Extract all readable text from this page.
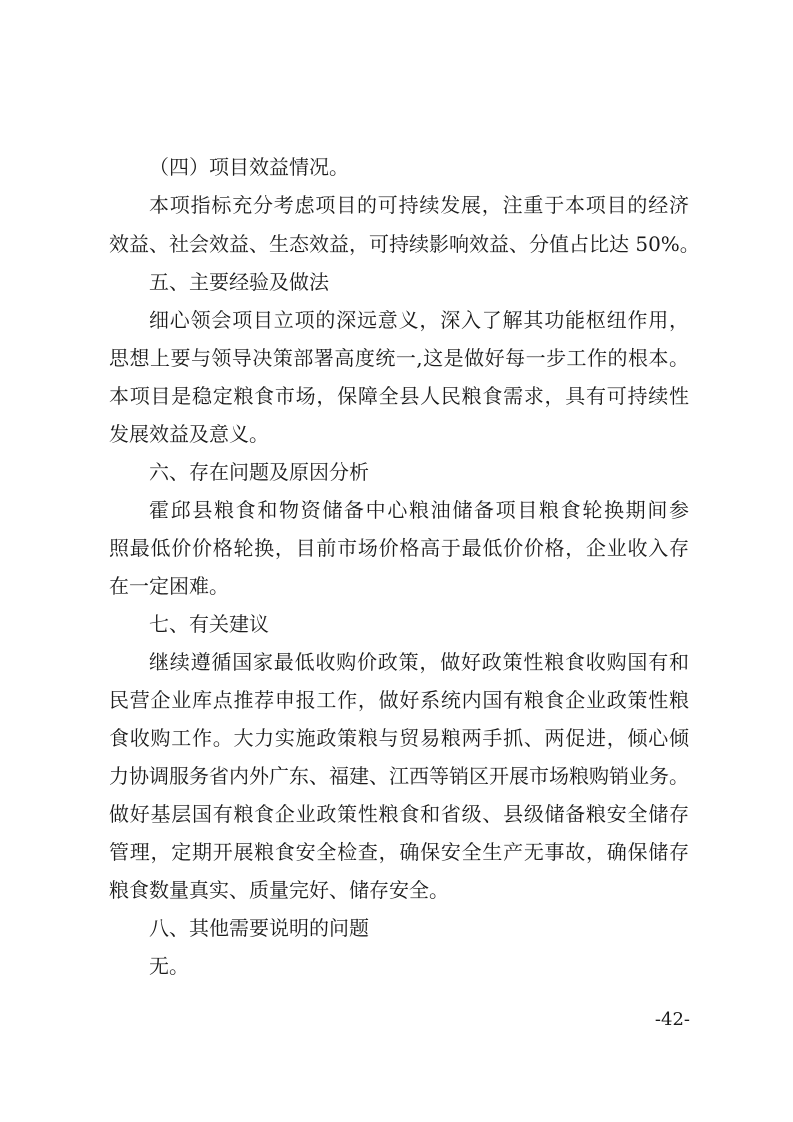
（四）项目效益情况。
本项指标充分考虑项目的可持续发展，注重于本项目的经济
效益、社会效益、生态效益，可持续影响效益、分值占比达 50%。
五、主要经验及做法
细心领会项目立项的深远意义，深入了解其功能枢纽作用，
思想上要与领导决策部署高度统一,这是做好每一步工作的根本。
本项目是稳定粮食市场，保障全县人民粮食需求，具有可持续性
发展效益及意义。
六、存在问题及原因分析
霍邱县粮食和物资储备中心粮油储备项目粮食轮换期间参
照最低价价格轮换，目前市场价格高于最低价价格，企业收入存
在一定困难。
七、有关建议
继续遵循国家最低收购价政策，做好政策性粮食收购国有和
民营企业库点推荐申报工作，做好系统内国有粮食企业政策性粮
食收购工作。大力实施政策粮与贸易粮两手抓、两促进，倾心倾
力协调服务省内外广东、福建、江西等销区开展市场粮购销业务。
做好基层国有粮食企业政策性粮食和省级、县级储备粮安全储存
管理，定期开展粮食安全检查，确保安全生产无事故，确保储存
粮食数量真实、质量完好、储存安全。
八、其他需要说明的问题
无。
-42-
